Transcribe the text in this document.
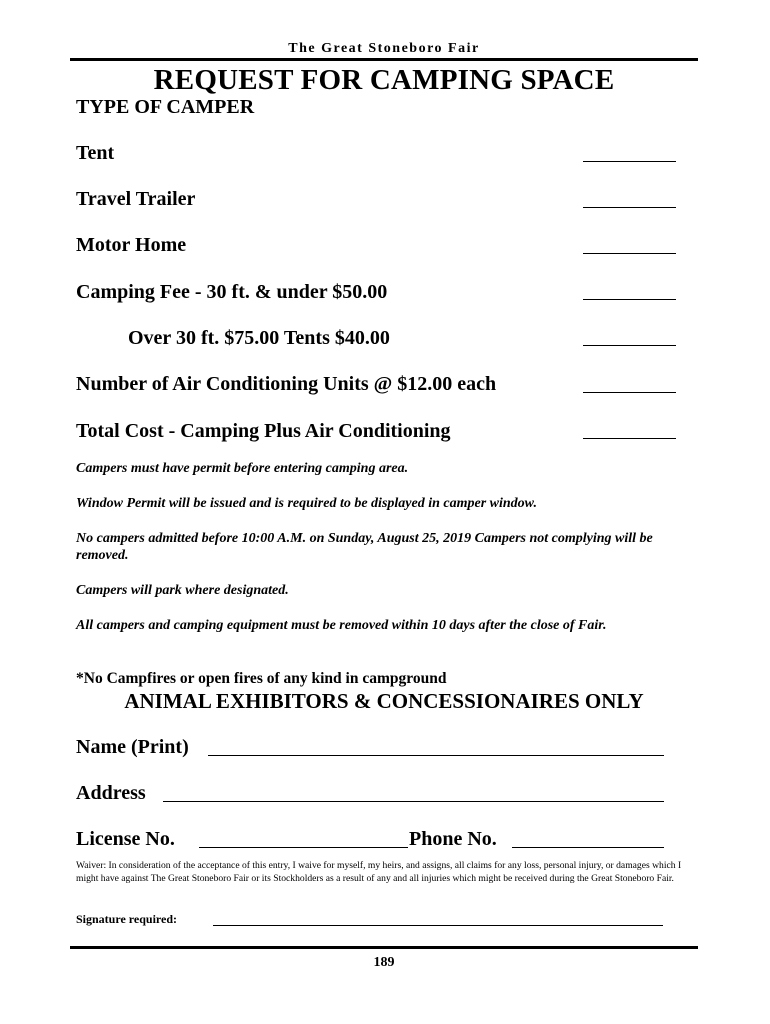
The Great Stoneboro Fair
REQUEST FOR CAMPING SPACE
TYPE OF CAMPER
Tent
Travel Trailer
Motor Home
Camping Fee - 30 ft. & under $50.00
Over 30 ft. $75.00 Tents $40.00
Number of Air Conditioning Units @ $12.00 each
Total Cost - Camping Plus Air Conditioning
Campers must have permit before entering camping area.
Window Permit will be issued and is required to be displayed in camper window.
No campers admitted before 10:00 A.M. on Sunday, August 25, 2019 Campers not complying will be removed.
Campers will park where designated.
All campers and camping equipment must be removed within 10 days after the close of Fair.
*No Campfires or open fires of any kind in campground
ANIMAL EXHIBITORS & CONCESSIONAIRES ONLY
Name (Print)
Address
License No.	Phone No.
Waiver: In consideration of the acceptance of this entry, I waive for myself, my heirs, and assigns, all claims for any loss, personal injury, or damages which I might have against The Great Stoneboro Fair or its Stockholders as a result of any and all injuries which might be received during the Great Stoneboro Fair.
Signature required:
189
